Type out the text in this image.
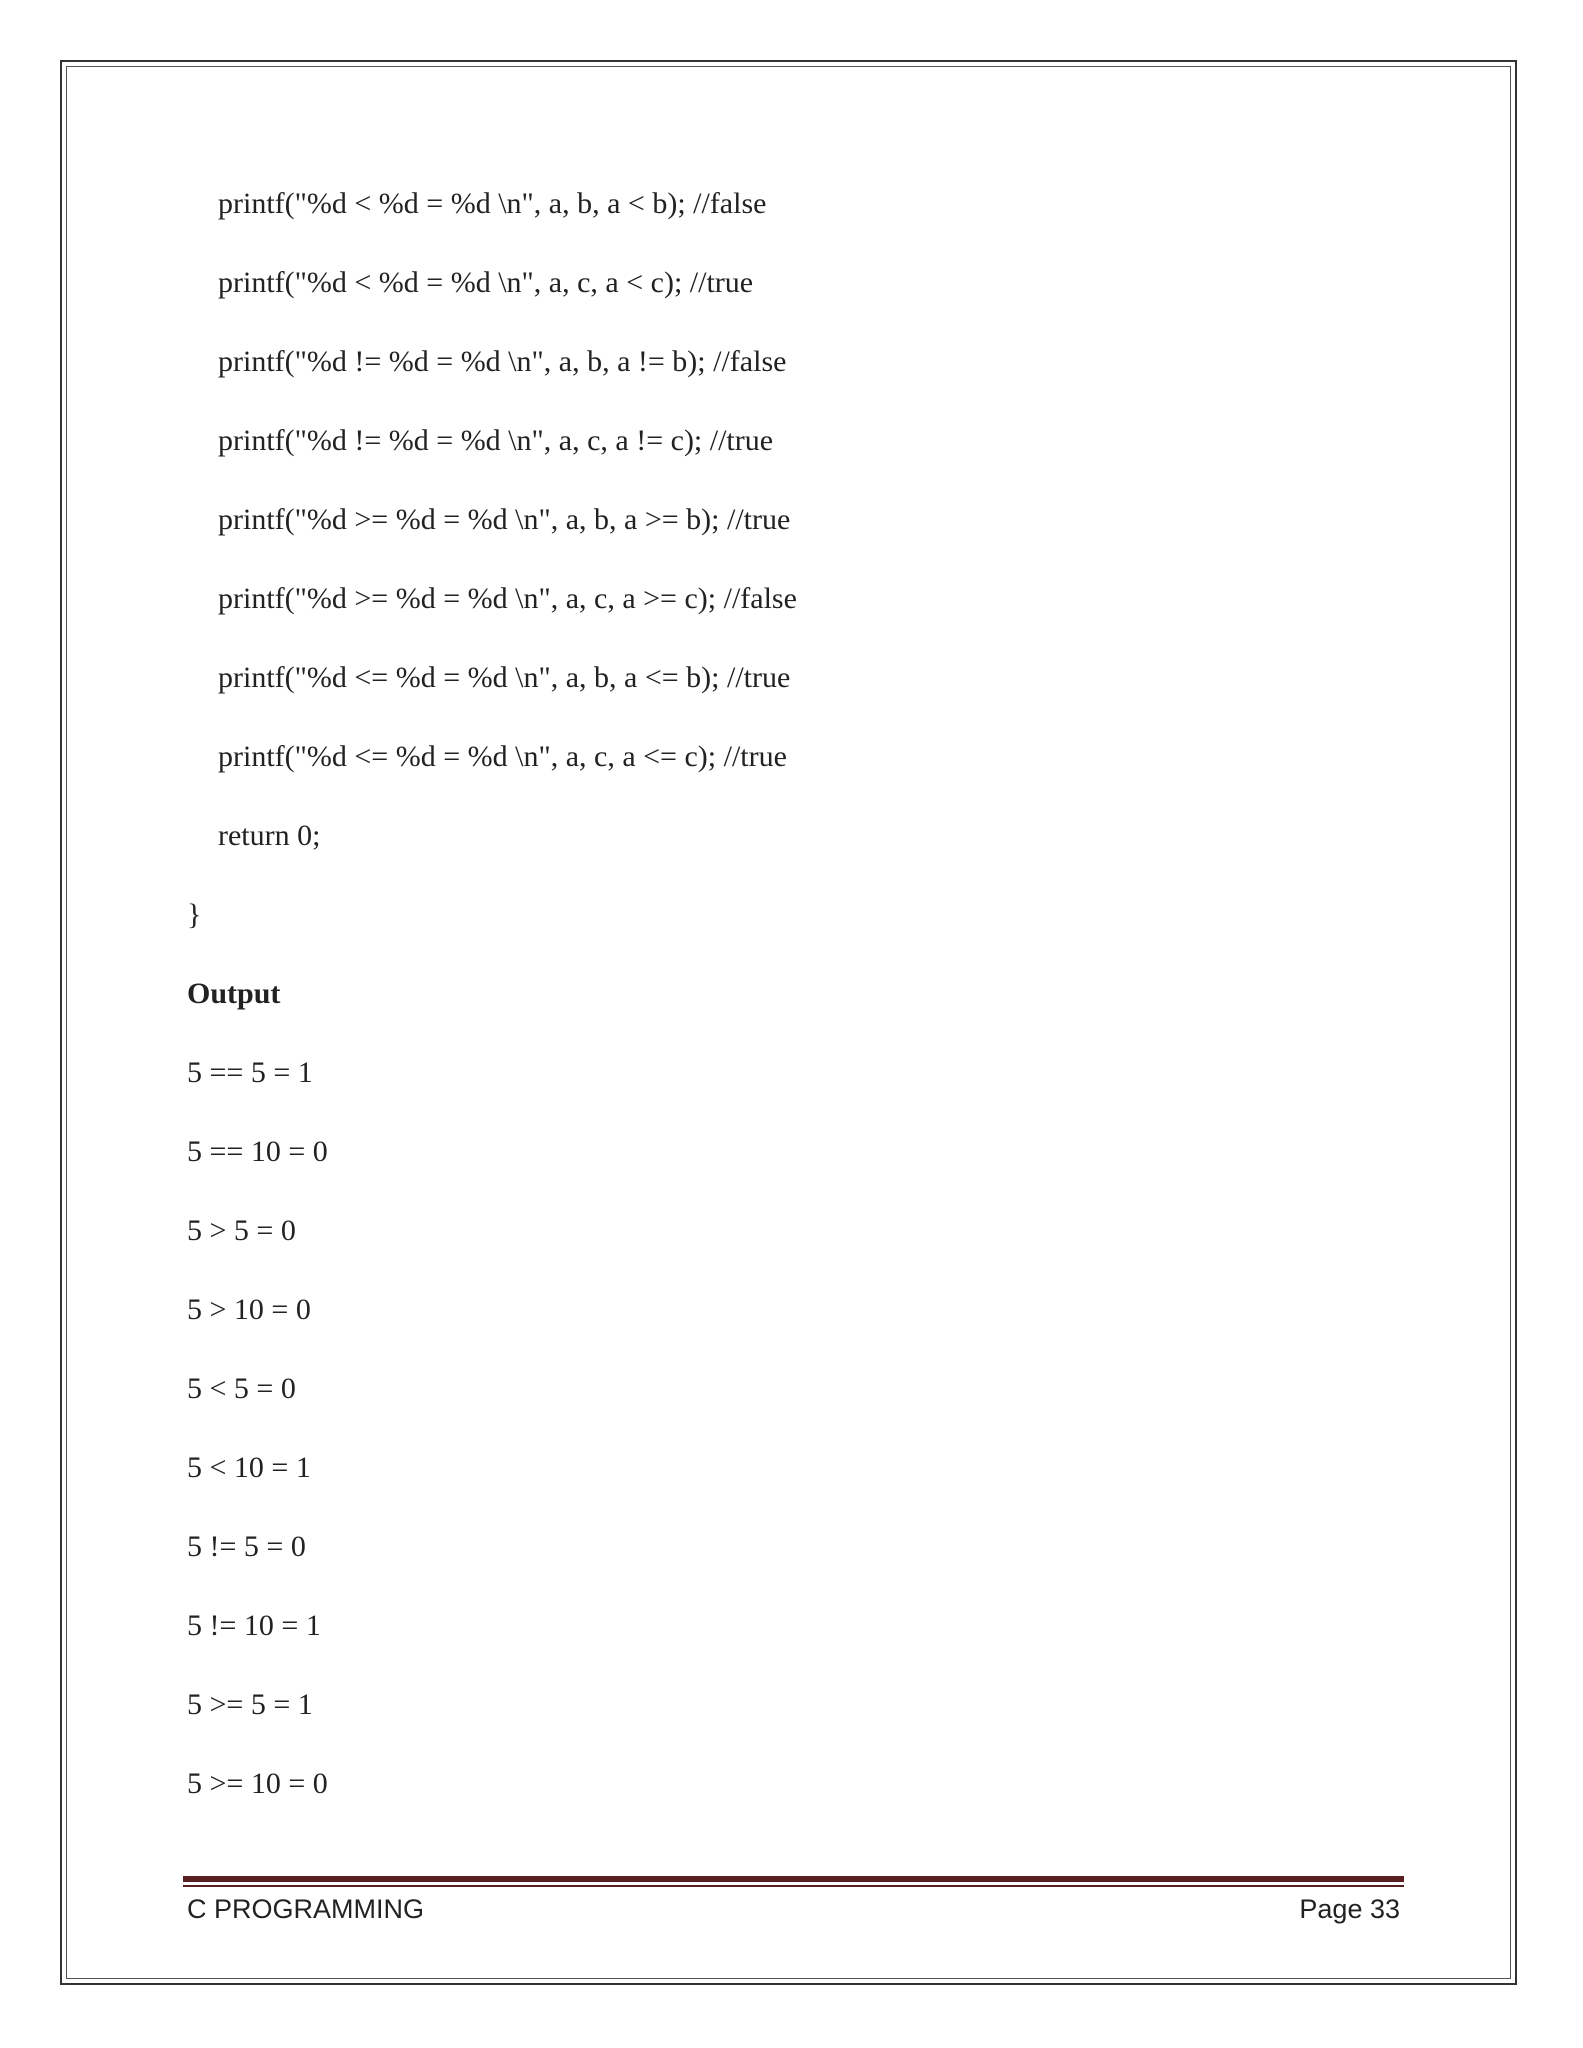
printf("%d < %d = %d \n", a, b, a < b); //false
printf("%d < %d = %d \n", a, c, a < c); //true
printf("%d != %d = %d \n", a, b, a != b); //false
printf("%d != %d = %d \n", a, c, a != c); //true
printf("%d >= %d = %d \n", a, b, a >= b); //true
printf("%d >= %d = %d \n", a, c, a >= c); //false
printf("%d <= %d = %d \n", a, b, a <= b); //true
printf("%d <= %d = %d \n", a, c, a <= c); //true
return 0;
}
Output
5 == 5 = 1
5 == 10 = 0
5 > 5 = 0
5 > 10 = 0
5 < 5 = 0
5 < 10 = 1
5 != 5 = 0
5 != 10 = 1
5 >= 5 = 1
5 >= 10 = 0
C PROGRAMMING	Page 33
